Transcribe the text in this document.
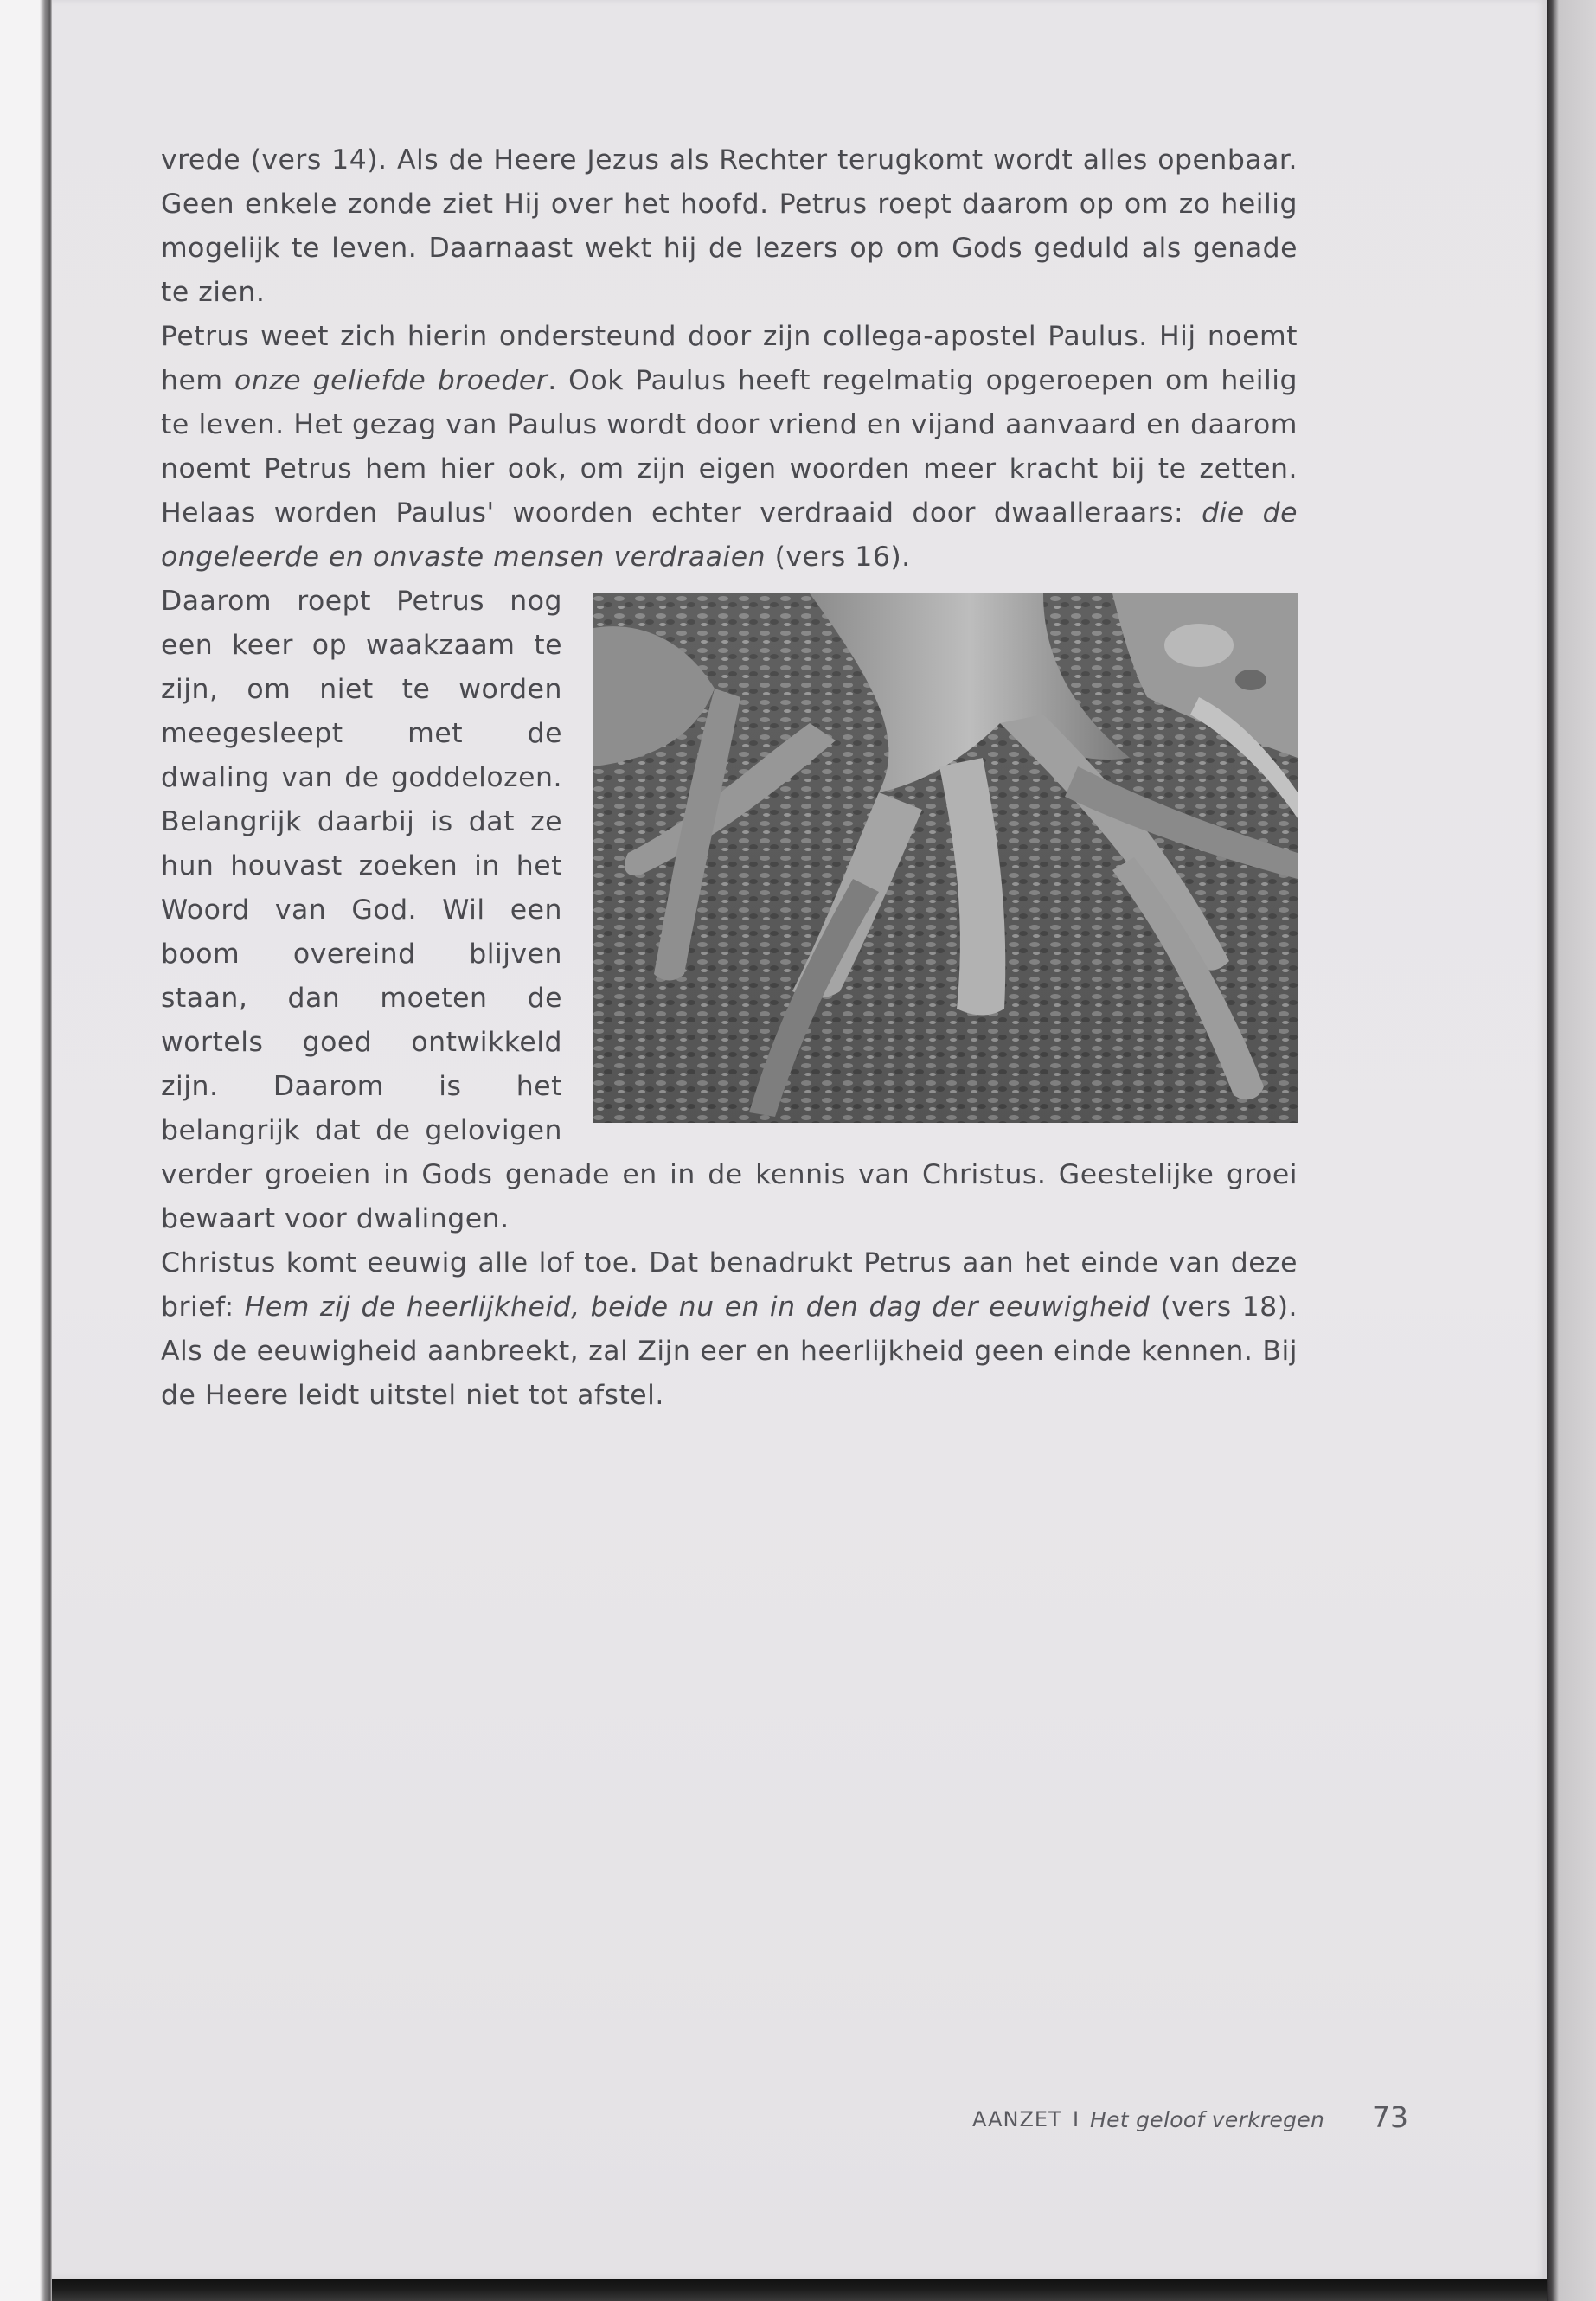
vrede (vers 14). Als de Heere Jezus als Rechter terugkomt wordt alles openbaar. Geen enkele zonde ziet Hij over het hoofd. Petrus roept daarom op om zo heilig mogelijk te leven. Daarnaast wekt hij de lezers op om Gods geduld als genade te zien.

Petrus weet zich hierin ondersteund door zijn collega-apostel Paulus. Hij noemt hem onze geliefde broeder. Ook Paulus heeft regelmatig opgeroepen om heilig te leven. Het gezag van Paulus wordt door vriend en vijand aanvaard en daarom noemt Petrus hem hier ook, om zijn eigen woorden meer kracht bij te zetten. Helaas worden Paulus' woorden echter verdraaid door dwaalleraars: die de ongeleerde en onvaste mensen verdraaien (vers 16).

Daarom roept Petrus nog een keer op waakzaam te zijn, om niet te worden meegesleept met de dwaling van de goddelozen. Belangrijk daarbij is dat ze hun houvast zoeken in het Woord van God. Wil een boom overeind blijven staan, dan moeten de wortels goed ontwikkeld zijn. Daarom is het belangrijk dat de gelovigen verder groeien in Gods genade en in de kennis van Christus. Geestelijke groei bewaart voor dwalingen.

Christus komt eeuwig alle lof toe. Dat benadrukt Petrus aan het einde van deze brief: Hem zij de heerlijkheid, beide nu en in den dag der eeuwigheid (vers 18). Als de eeuwigheid aanbreekt, zal Zijn eer en heerlijkheid geen einde kennen. Bij de Heere leidt uitstel niet tot afstel.

AANZET I Het geloof verkregen 73
